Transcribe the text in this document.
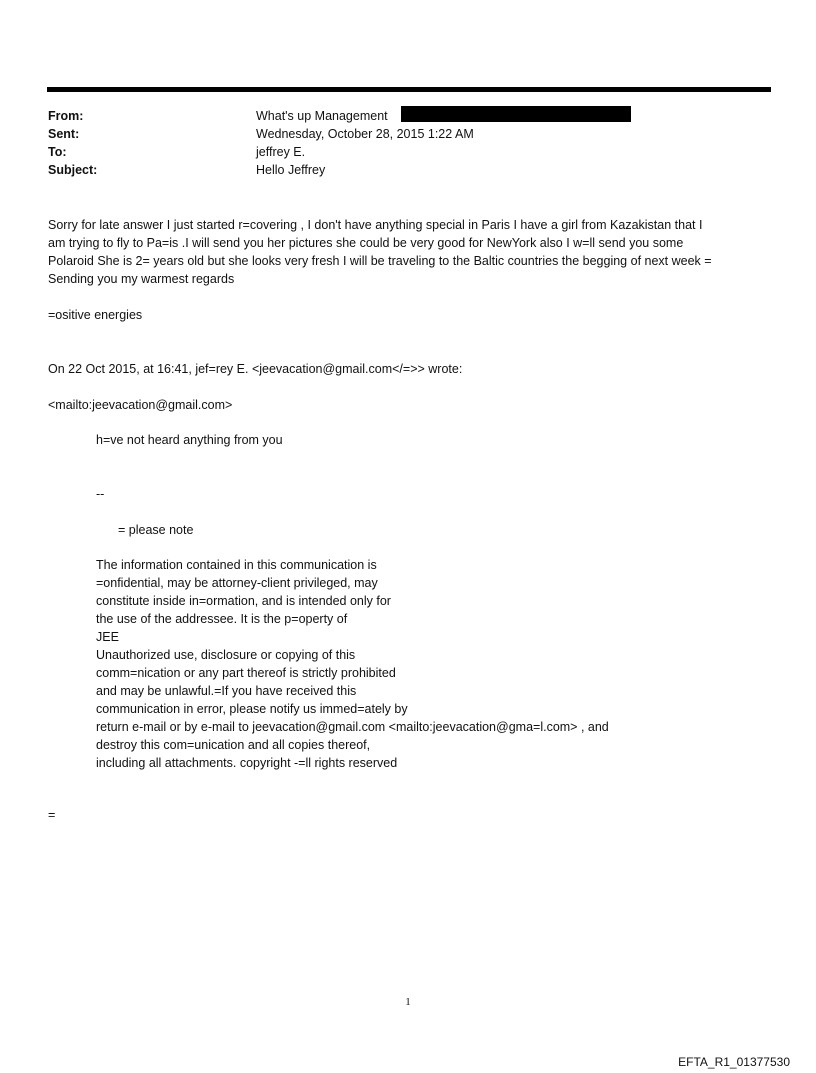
From:	What's up Management
Sent:	Wednesday, October 28, 2015 1:22 AM
To:	jeffrey E.
Subject:	Hello Jeffrey
Sorry for late answer I just started r=covering , I don't have anything special in Paris I have a girl from Kazakistan that I
am trying to fly to Pa=is .I will send you her pictures she could be very good for NewYork also I w=ll send you some
Polaroid She is 2= years old but she looks very fresh I will be traveling to the Baltic countries the begging of next week =
Sending you my warmest regards
=ositive energies
On 22 Oct 2015, at 16:41, jef=rey E. <jeevacation@gmail.com</=>> wrote:
<mailto:jeevacation@gmail.com>
h=ve not heard anything from you
--
= please note
The information contained in this communication is
=onfidential, may be attorney-client privileged, may
constitute inside in=ormation, and is intended only for
the use of the addressee. It is the p=operty of
JEE
Unauthorized use, disclosure or copying of this
comm=nication or any part thereof is strictly prohibited
and may be unlawful.=If you have received this
communication in error, please notify us immed=ately by
return e-mail or by e-mail to jeevacation@gmail.com <mailto:jeevacation@gma=l.com> , and
destroy this com=unication and all copies thereof,
including all attachments. copyright -=ll rights reserved
=
1
EFTA_R1_01377530
